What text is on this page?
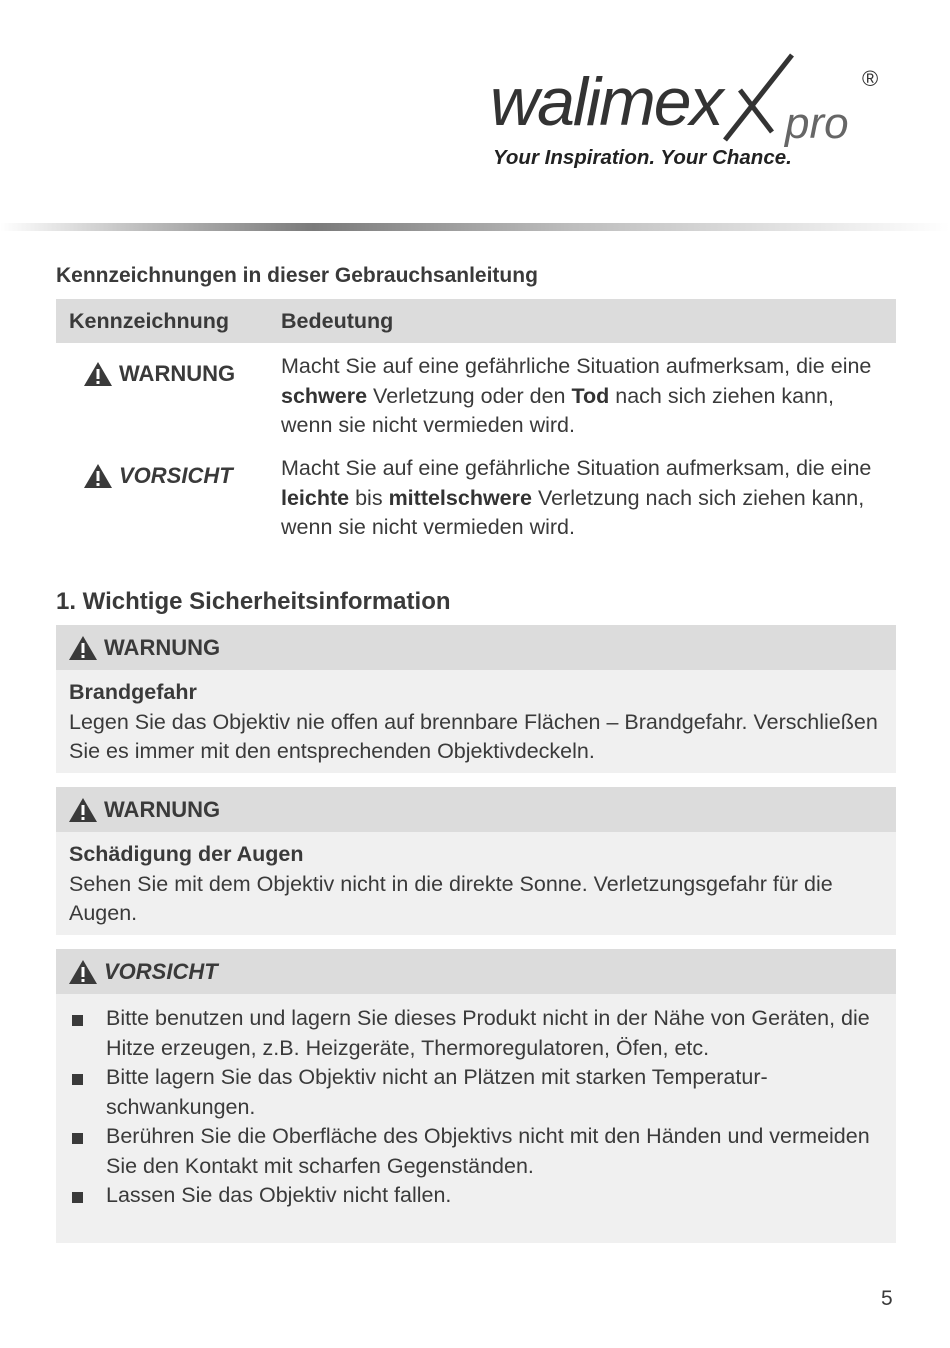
walimex pro
®
Your Inspiration. Your Chance.
Kennzeichnungen in dieser Gebrauchsanleitung
Kennzeichnung Bedeutung
WARNUNG Macht Sie auf eine gefährliche Situation aufmerksam, die eine schwere Verletzung oder den Tod nach sich ziehen kann, wenn sie nicht vermieden wird.
VORSICHT Macht Sie auf eine gefährliche Situation aufmerksam, die eine leichte bis mittelschwere Verletzung nach sich ziehen kann, wenn sie nicht vermieden wird.
1. Wichtige Sicherheitsinformation
WARNUNG
Brandgefahr
Legen Sie das Objektiv nie offen auf brennbare Flächen – Brandgefahr. Verschließen Sie es immer mit den entsprechenden Objektivdeckeln.
WARNUNG
Schädigung der Augen
Sehen Sie mit dem Objektiv nicht in die direkte Sonne. Verletzungsgefahr für die Augen.
VORSICHT
Bitte benutzen und lagern Sie dieses Produkt nicht in der Nähe von Geräten, die Hitze erzeugen, z.B. Heizgeräte, Thermoregulatoren, Öfen, etc.
Bitte lagern Sie das Objektiv nicht an Plätzen mit starken Temperatur-schwankungen.
Berühren Sie die Oberfläche des Objektivs nicht mit den Händen und vermeiden Sie den Kontakt mit scharfen Gegenständen.
Lassen Sie das Objektiv nicht fallen.
5
